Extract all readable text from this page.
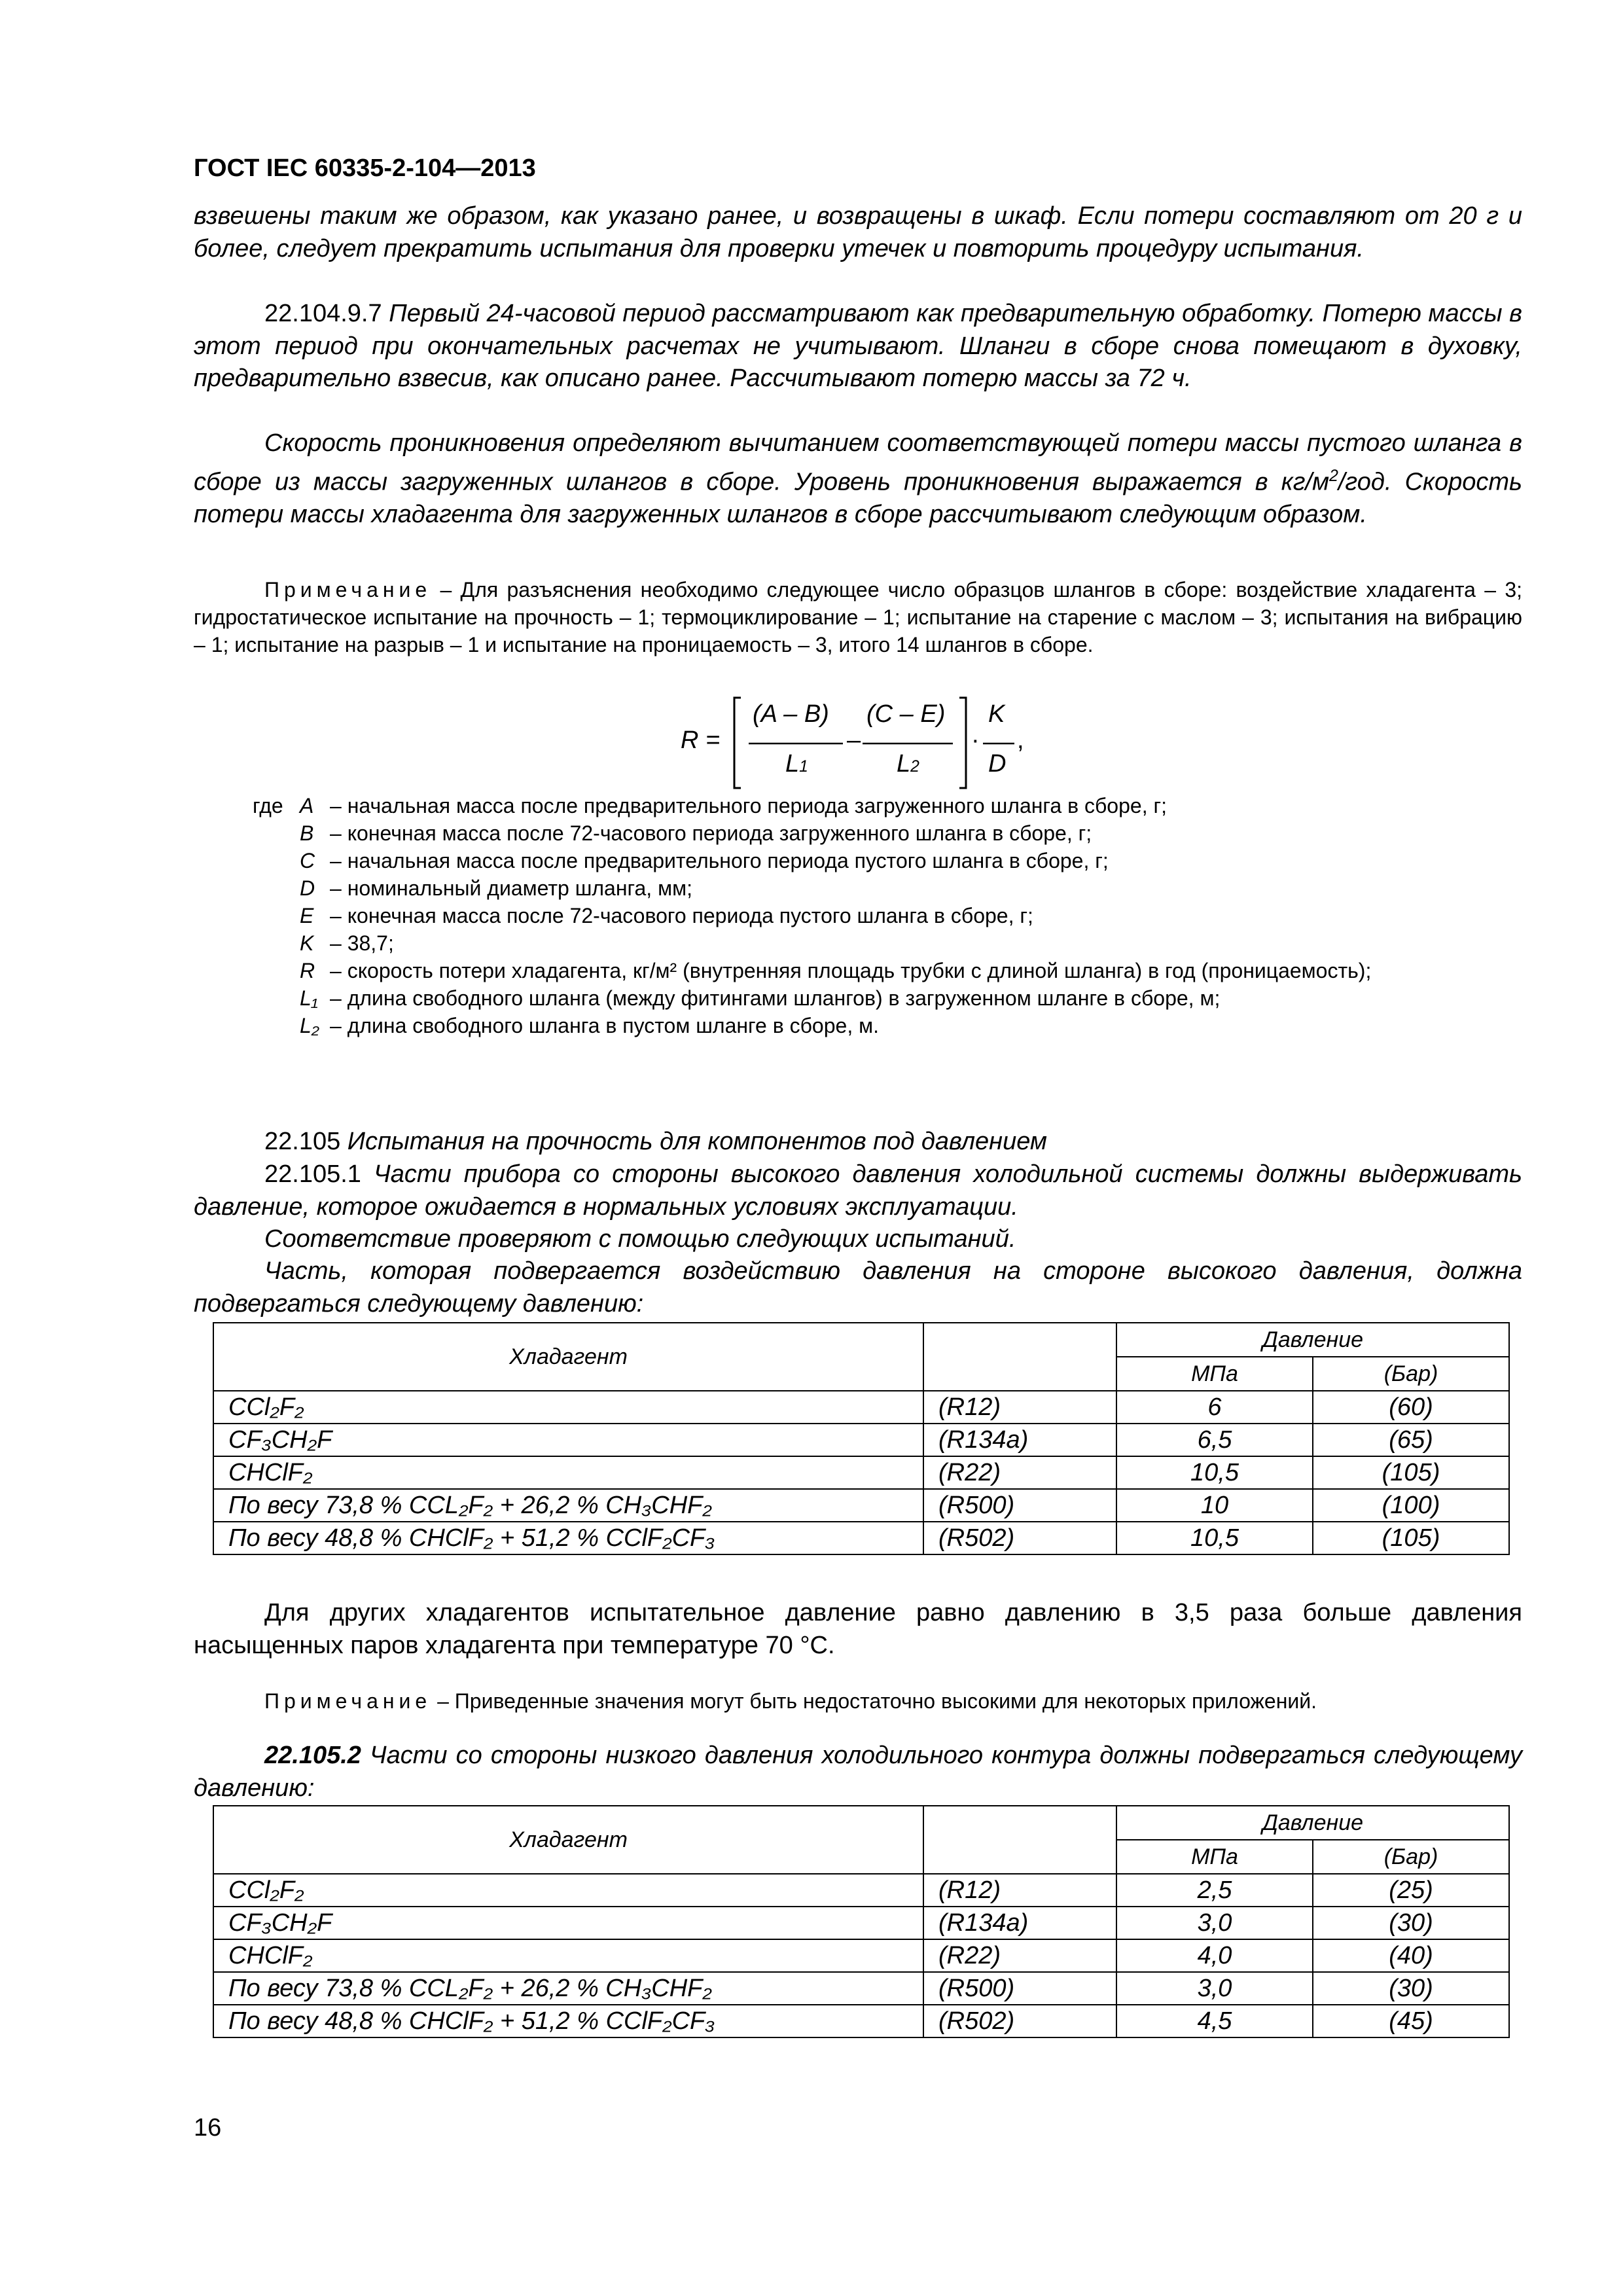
ГОСТ IEC 60335-2-104—2013
взвешены таким же образом, как указано ранее, и возвращены в шкаф. Если потери составляют от 20 г и более, следует прекратить испытания для проверки утечек и повторить процедуру испытания.
22.104.9.7 Первый 24-часовой период рассматривают как предварительную обработку. Потерю массы в этот период при окончательных расчетах не учитывают. Шланги в сборе снова помещают в духовку, предварительно взвесив, как описано ранее. Рассчитывают потерю массы за 72 ч.
Скорость проникновения определяют вычитанием соответствующей потери массы пустого шланга в сборе из массы загруженных шлангов в сборе. Уровень проникновения выражается в $кг/м^2$/год. Скорость потери массы хладагента для загруженных шлангов в сборе рассчитывают следующим образом.
Примечание – Для разъяснения необходимо следующее число образцов шлангов в сборе: воздействие хладагента – 3; гидростатическое испытание на прочность – 1; термоциклирование – 1; испытание на старение с маслом – 3; испытания на вибрацию – 1; испытание на разрыв – 1 и испытание на проницаемость – 3, итого 14 шлангов в сборе.
R =
(A – B)
$L_1$
–
(C – E)
$L_2$
·
K
D
,
где A – начальная масса после предварительного периода загруженного шланга в сборе, г;
B – конечная масса после 72-часового периода загруженного шланга в сборе, г;
C – начальная масса после предварительного периода пустого шланга в сборе, г;
D – номинальный диаметр шланга, мм;
E – конечная масса после 72-часового периода пустого шланга в сборе, г;
K – 38,7;
R – скорость потери хладагента, кг/м² (внутренняя площадь трубки с длиной шланга) в год (проницаемость);
L₁ – длина свободного шланга (между фитингами шлангов) в загруженном шланге в сборе, м;
L₂ – длина свободного шланга в пустом шланге в сборе, м.
22.105 Испытания на прочность для компонентов под давлением
22.105.1 Части прибора со стороны высокого давления холодильной системы должны выдерживать давление, которое ожидается в нормальных условиях эксплуатации.
Соответствие проверяют с помощью следующих испытаний.
Часть, которая подвергается воздействию давления на стороне высокого давления, должна подвергаться следующему давлению:
Хладагент		Давление	
		МПа	(Бар)
CCl₂F₂	(R12)	6	(60)
CF₃CH₂F	(R134a)	6,5	(65)
CHClF₂	(R22)	10,5	(105)
По весу 73,8 % CCL₂F₂ + 26,2 % CH₃CHF₂	(R500)	10	(100)
По весу 48,8 % CHClF₂ + 51,2 % CClF₂CF₃	(R502)	10,5	(105)
Для других хладагентов испытательное давление равно давлению в 3,5 раза больше давления насыщенных паров хладагента при температуре 70 °С.
Примечание – Приведенные значения могут быть недостаточно высокими для некоторых приложений.
22.105.2 Части со стороны низкого давления холодильного контура должны подвергаться следующему давлению:
Хладагент		Давление	
		МПа	(Бар)
CCl₂F₂	(R12)	2,5	(25)
CF₃CH₂F	(R134a)	3,0	(30)
CHClF₂	(R22)	4,0	(40)
По весу 73,8 % CCL₂F₂ + 26,2 % CH₃CHF₂	(R500)	3,0	(30)
По весу 48,8 % CHClF₂ + 51,2 % CClF₂CF₃	(R502)	4,5	(45)
16
